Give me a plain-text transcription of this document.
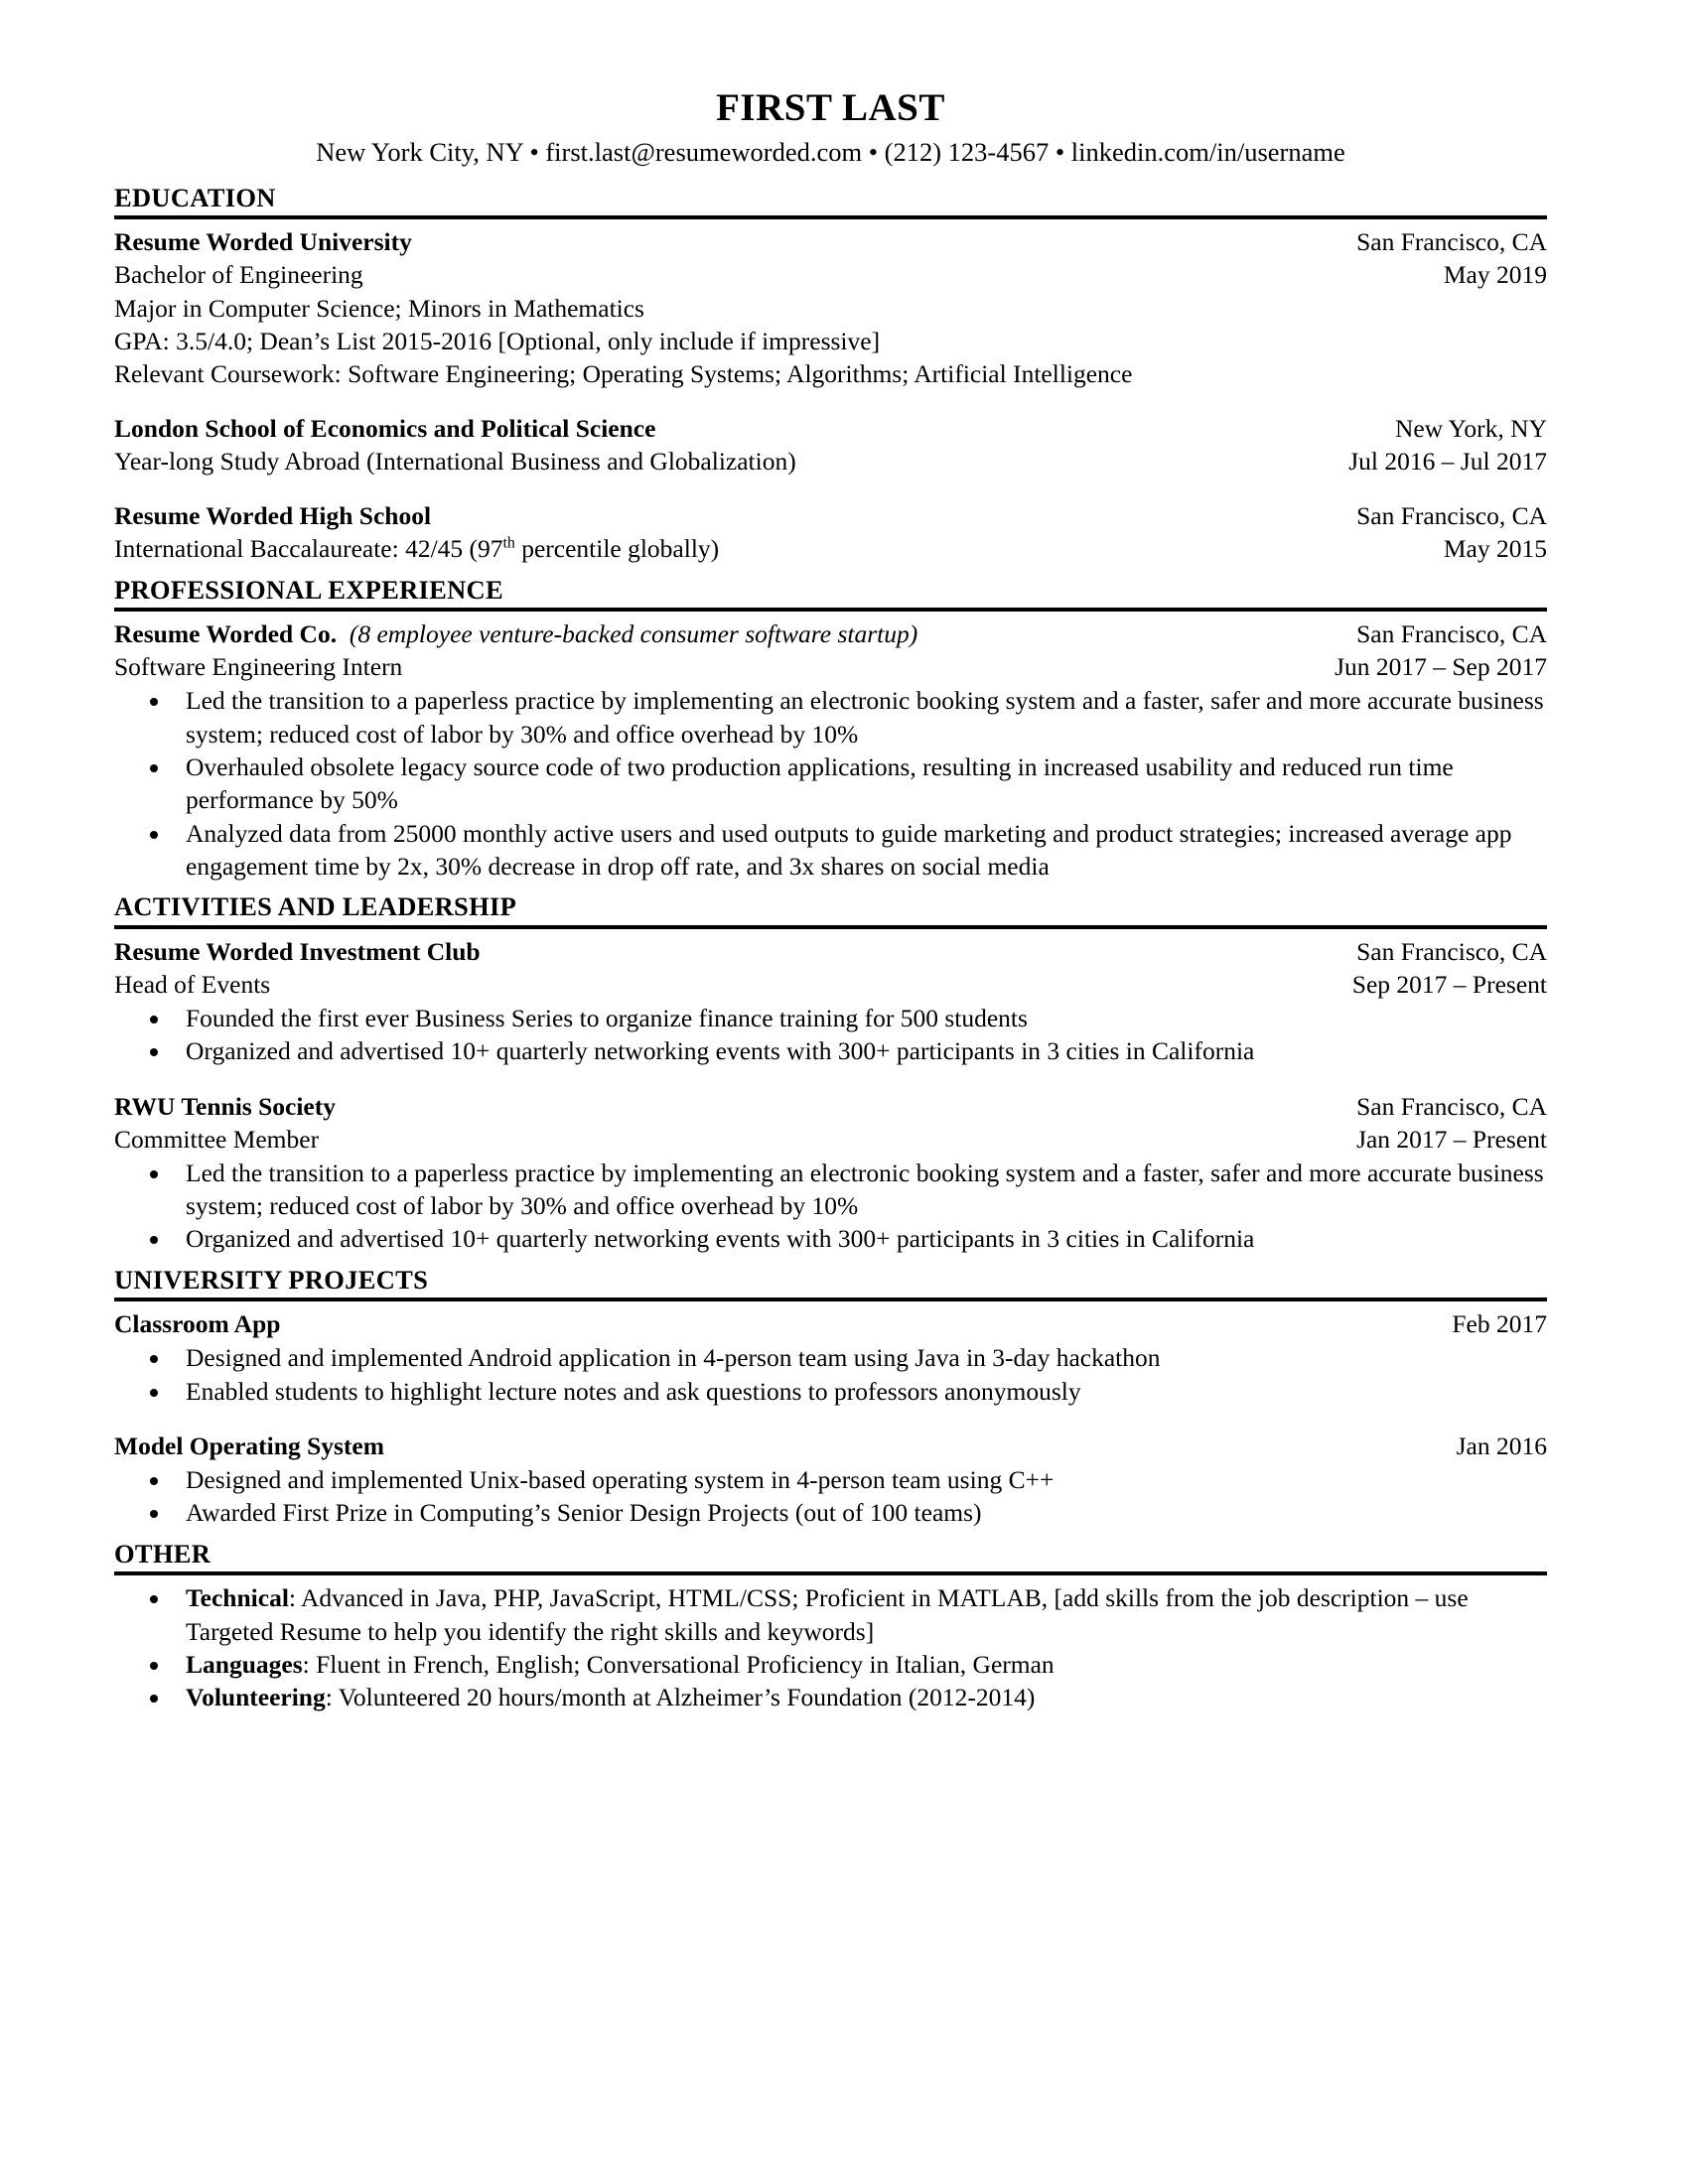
FIRST LAST
New York City, NY • first.last@resumeworded.com • (212) 123-4567 • linkedin.com/in/username
EDUCATION
Resume Worded University	San Francisco, CA
Bachelor of Engineering	May 2019
Major in Computer Science; Minors in Mathematics
GPA: 3.5/4.0; Dean’s List 2015-2016 [Optional, only include if impressive]
Relevant Coursework: Software Engineering; Operating Systems; Algorithms; Artificial Intelligence
London School of Economics and Political Science	New York, NY
Year-long Study Abroad (International Business and Globalization)	Jul 2016 – Jul 2017
Resume Worded High School	San Francisco, CA
International Baccalaureate: 42/45 (97th percentile globally)	May 2015
PROFESSIONAL EXPERIENCE
Resume Worded Co. (8 employee venture-backed consumer software startup)	San Francisco, CA
Software Engineering Intern	Jun 2017 – Sep 2017
Led the transition to a paperless practice by implementing an electronic booking system and a faster, safer and more accurate business system; reduced cost of labor by 30% and office overhead by 10%
Overhauled obsolete legacy source code of two production applications, resulting in increased usability and reduced run time performance by 50%
Analyzed data from 25000 monthly active users and used outputs to guide marketing and product strategies; increased average app engagement time by 2x, 30% decrease in drop off rate, and 3x shares on social media
ACTIVITIES AND LEADERSHIP
Resume Worded Investment Club	San Francisco, CA
Head of Events	Sep 2017 – Present
Founded the first ever Business Series to organize finance training for 500 students
Organized and advertised 10+ quarterly networking events with 300+ participants in 3 cities in California
RWU Tennis Society	San Francisco, CA
Committee Member	Jan 2017 – Present
Led the transition to a paperless practice by implementing an electronic booking system and a faster, safer and more accurate business system; reduced cost of labor by 30% and office overhead by 10%
Organized and advertised 10+ quarterly networking events with 300+ participants in 3 cities in California
UNIVERSITY PROJECTS
Classroom App	Feb 2017
Designed and implemented Android application in 4-person team using Java in 3-day hackathon
Enabled students to highlight lecture notes and ask questions to professors anonymously
Model Operating System	Jan 2016
Designed and implemented Unix-based operating system in 4-person team using C++
Awarded First Prize in Computing’s Senior Design Projects (out of 100 teams)
OTHER
Technical: Advanced in Java, PHP, JavaScript, HTML/CSS; Proficient in MATLAB, [add skills from the job description – use Targeted Resume to help you identify the right skills and keywords]
Languages: Fluent in French, English; Conversational Proficiency in Italian, German
Volunteering: Volunteered 20 hours/month at Alzheimer’s Foundation (2012-2014)
